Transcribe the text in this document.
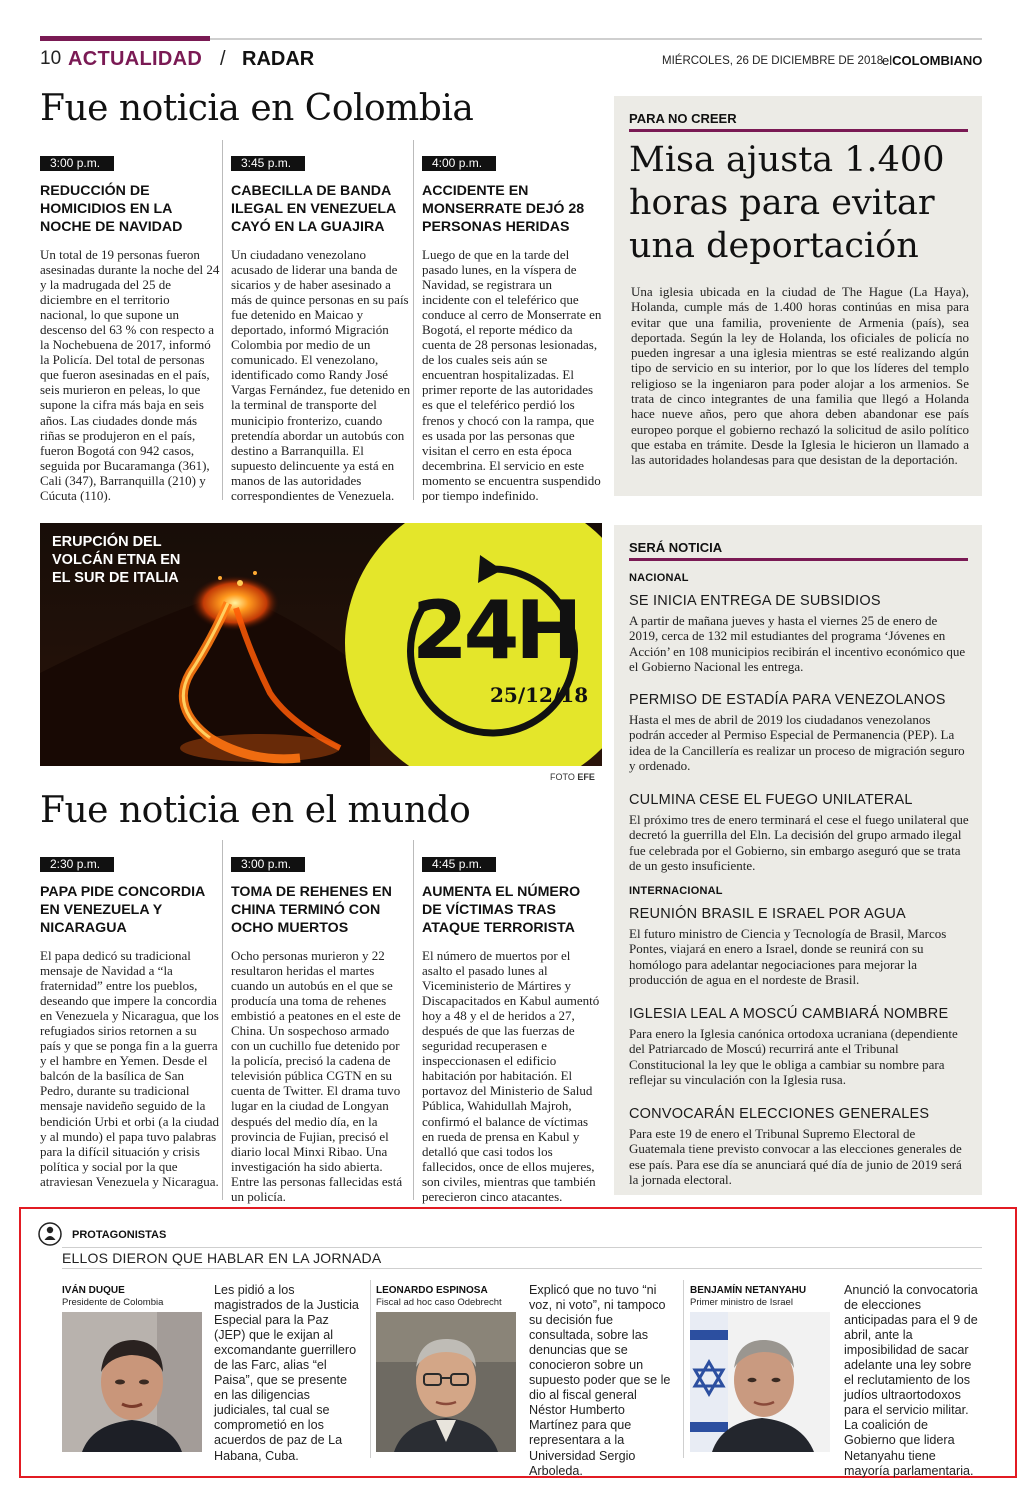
10 ACTUALIDAD / RADAR	MIÉRCOLES, 26 DE DICIEMBRE DE 2018
elCOLOMBIANO
Fue noticia en Colombia
3:00 p.m.
REDUCCIÓN DE HOMICIDIOS EN LA NOCHE DE NAVIDAD

Un total de 19 personas fueron asesinadas durante la noche del 24 y la madrugada del 25 de diciembre en el territorio nacional, lo que supone un descenso del 63 % con respecto a la Nochebuena de 2017, informó la Policía. Del total de personas que fueron asesinadas en el país, seis murieron en peleas, lo que supone la cifra más baja en seis años. Las ciudades donde más riñas se produjeron en el país, fueron Bogotá con 942 casos, seguida por Bucaramanga (361), Cali (347), Barranquilla (210) y Cúcuta (110).

3:45 p.m.
CABECILLA DE BANDA ILEGAL EN VENEZUELA CAYÓ EN LA GUAJIRA

Un ciudadano venezolano acusado de liderar una banda de sicarios y de haber asesinado a más de quince personas en su país fue detenido en Maicao y deportado, informó Migración Colombia por medio de un comunicado. El venezolano, identificado como Randy José Vargas Fernández, fue detenido en la terminal de transporte del municipio fronterizo, cuando pretendía abordar un autobús con destino a Barranquilla. El supuesto delincuente ya está en manos de las autoridades correspondientes de Venezuela.

4:00 p.m.
ACCIDENTE EN MONSERRATE DEJÓ 28 PERSONAS HERIDAS

Luego de que en la tarde del pasado lunes, en la víspera de Navidad, se registrara un incidente con el teleférico que conduce al cerro de Monserrate en Bogotá, el reporte médico da cuenta de 28 personas lesionadas, de los cuales seis aún se encuentran hospitalizadas. El primer reporte de las autoridades es que el teleférico perdió los frenos y chocó con la rampa, que es usada por las personas que visitan el cerro en esta época decembrina. El servicio en este momento se encuentra suspendido por tiempo indefinido.

PARA NO CREER
Misa ajusta 1.400
horas para evitar
una deportación
Una iglesia ubicada en la ciudad de The Hague (La Haya), Holanda, cumple más de 1.400 horas continúas en misa para evitar que una familia, proveniente de Armenia (país), sea deportada. Según la ley de Holanda, los oficiales de policía no pueden ingresar a una iglesia mientras se esté realizando algún tipo de servicio en su interior, por lo que los líderes del templo religioso se la ingeniaron para poder alojar a los armenios. Se trata de cinco integrantes de una familia que llegó a Holanda hace nueve años, pero que ahora deben abandonar ese país europeo porque el gobierno rechazó la solicitud de asilo político que estaba en trámite. Desde la Iglesia le hicieron un llamado a las autoridades holandesas para que desistan de la deportación.
ERUPCIÓN DEL
VOLCÁN ETNA EN
EL SUR DE ITALIA
24H
25/12/18
FOTO EFE
SERÁ NOTICIA
NACIONAL
SE INICIA ENTREGA DE SUBSIDIOS
A partir de mañana jueves y hasta el viernes 25 de enero de 2019, cerca de 132 mil estudiantes del programa ‘Jóvenes en Acción’ en 108 municipios recibirán el incentivo económico que el Gobierno Nacional les entrega.
PERMISO DE ESTADÍA PARA VENEZOLANOS
Hasta el mes de abril de 2019 los ciudadanos venezolanos podrán acceder al Permiso Especial de Permanencia (PEP). La idea de la Cancillería es realizar un proceso de migración seguro y ordenado.
CULMINA CESE EL FUEGO UNILATERAL
El próximo tres de enero terminará el cese el fuego unilateral que decretó la guerrilla del Eln. La decisión del grupo armado ilegal fue celebrada por el Gobierno, sin embargo aseguró que se trata de un gesto insuficiente.
INTERNACIONAL
REUNIÓN BRASIL E ISRAEL POR AGUA
El futuro ministro de Ciencia y Tecnología de Brasil, Marcos Pontes, viajará en enero a Israel, donde se reunirá con su homólogo para adelantar negociaciones para mejorar la producción de agua en el nordeste de Brasil.
IGLESIA LEAL A MOSCÚ CAMBIARÁ NOMBRE
Para enero la Iglesia canónica ortodoxa ucraniana (dependiente del Patriarcado de Moscú) recurrirá ante el Tribunal Constitucional la ley que le obliga a cambiar su nombre para reflejar su vinculación con la Iglesia rusa.
CONVOCARÁN ELECCIONES GENERALES
Para este 19 de enero el Tribunal Supremo Electoral de Guatemala tiene previsto convocar a las elecciones generales de ese país. Para ese día se anunciará qué día de junio de 2019 será la jornada electoral.
Fue noticia en el mundo
2:30 p.m.
PAPA PIDE CONCORDIA EN VENEZUELA Y NICARAGUA

El papa dedicó su tradicional mensaje de Navidad a “la fraternidad” entre los pueblos, deseando que impere la concordia en Venezuela y Nicaragua, que los refugiados sirios retornen a su país y que se ponga fin a la guerra y el hambre en Yemen. Desde el balcón de la basílica de San Pedro, durante su tradicional mensaje navideño seguido de la bendición Urbi et orbi (a la ciudad y al mundo) el papa tuvo palabras para la difícil situación y crisis política y social por la que atraviesan Venezuela y Nicaragua.

3:00 p.m.
TOMA DE REHENES EN CHINA TERMINÓ CON OCHO MUERTOS

Ocho personas murieron y 22 resultaron heridas el martes cuando un autobús en el que se producía una toma de rehenes embistió a peatones en el este de China. Un sospechoso armado con un cuchillo fue detenido por la policía, precisó la cadena de televisión pública CGTN en su cuenta de Twitter. El drama tuvo lugar en la ciudad de Longyan después del medio día, en la provincia de Fujian, precisó el diario local Minxi Ribao. Una investigación ha sido abierta. Entre las personas fallecidas está un policía.

4:45 p.m.
AUMENTA EL NÚMERO DE VÍCTIMAS TRAS ATAQUE TERRORISTA

El número de muertos por el asalto el pasado lunes al Viceministerio de Mártires y Discapacitados en Kabul aumentó hoy a 48 y el de heridos a 27, después de que las fuerzas de seguridad recuperasen e inspeccionasen el edificio habitación por habitación. El portavoz del Ministerio de Salud Pública, Wahidullah Majroh, confirmó el balance de víctimas en rueda de prensa en Kabul y detalló que casi todos los fallecidos, once de ellos mujeres, son civiles, mientras que también perecieron cinco atacantes.

PROTAGONISTAS
ELLOS DIERON QUE HABLAR EN LA JORNADA
IVÁN DUQUE
Presidente de Colombia
Les pidió a los magistrados de la Justicia Especial para la Paz (JEP) que le exijan al excomandante guerrillero de las Farc, alias “el Paisa”, que se presente en las diligencias judiciales, tal cual se comprometió en los acuerdos de paz de La Habana, Cuba.
LEONARDO ESPINOSA
Fiscal ad hoc caso Odebrecht
Explicó que no tuvo “ni voz, ni voto”, ni tampoco su decisión fue consultada, sobre las denuncias que se conocieron sobre un supuesto poder que se le dio al fiscal general Néstor Humberto Martínez para que representara a la Universidad Sergio Arboleda.
BENJAMÍN NETANYAHU
Primer ministro de Israel
Anunció la convocatoria de elecciones anticipadas para el 9 de abril, ante la imposibilidad de sacar adelante una ley sobre el reclutamiento de los judíos ultraortodoxos para el servicio militar. La coalición de Gobierno que lidera Netanyahu tiene mayoría parlamentaria.
